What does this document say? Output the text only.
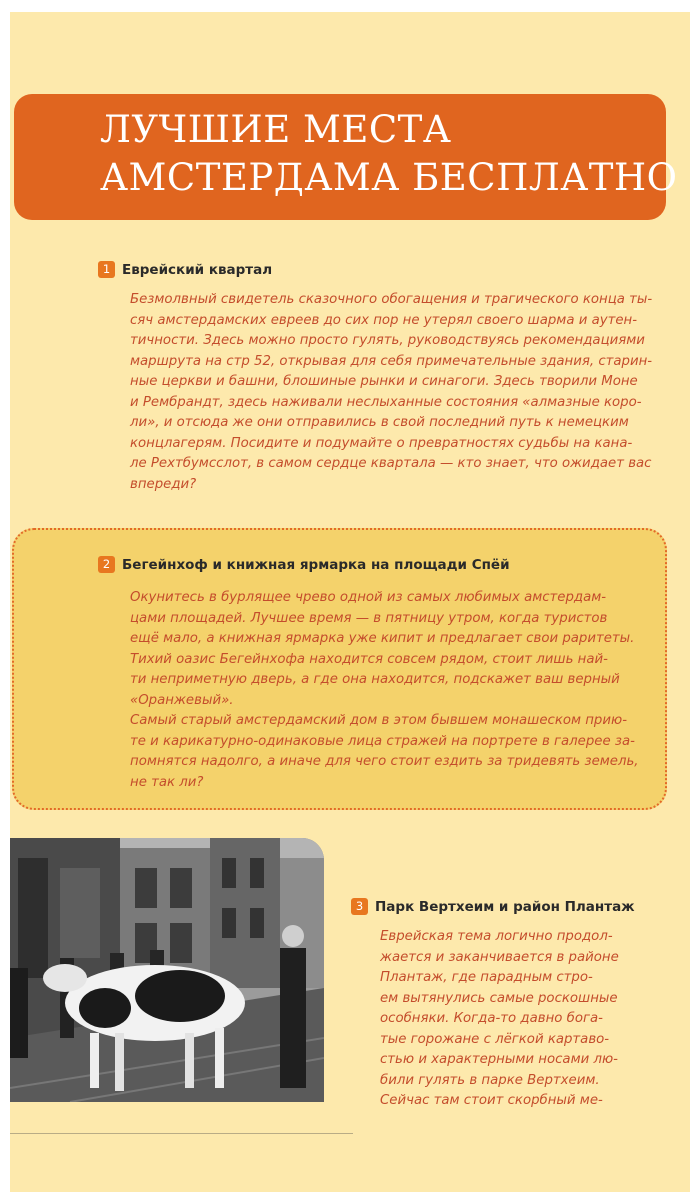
ЛУЧШИЕ МЕСТА
АМСТЕРДАМА БЕСПЛАТНО
1 Еврейский квартал
Безмолвный свидетель сказочного обогащения и трагического конца ты-
сяч амстердамских евреев до сих пор не утерял своего шарма и аутен-
тичности. Здесь можно просто гулять, руководствуясь рекомендациями
маршрута на стр 52, открывая для себя примечательные здания, старин-
ные церкви и башни, блошиные рынки и синагоги. Здесь творили Моне
и Рембрандт, здесь наживали неслыханные состояния «алмазные коро-
ли», и отсюда же они отправились в свой последний путь к немецким
концлагерям. Посидите и подумайте о превратностях судьбы на кана-
ле Рехтбумсслот, в самом сердце квартала — кто знает, что ожидает вас
впереди?
2 Бегейнхоф и книжная ярмарка на площади Спёй
Окунитесь в бурлящее чрево одной из самых любимых амстердам-
цами площадей. Лучшее время — в пятницу утром, когда туристов
ещё мало, а книжная ярмарка уже кипит и предлагает свои раритеты.
Тихий оазис Бегейнхофа находится совсем рядом, стоит лишь най-
ти неприметную дверь, а где она находится, подскажет ваш верный
«Оранжевый».
Самый старый амстердамский дом в этом бывшем монашеском прию-
те и карикатурно-одинаковые лица стражей на портрете в галерее за-
помнятся надолго, а иначе для чего стоит ездить за тридевять земель,
не так ли?
3 Парк Вертхеим и район Плантаж
Еврейская тема логично продол-
жается и заканчивается в районе
Плантаж, где парадным стро-
ем вытянулись самые роскошные
особняки. Когда-то давно бога-
тые горожане с лёгкой картаво-
стью и характерными носами лю-
били гулять в парке Вертхеим.
Сейчас там стоит скорбный ме-
